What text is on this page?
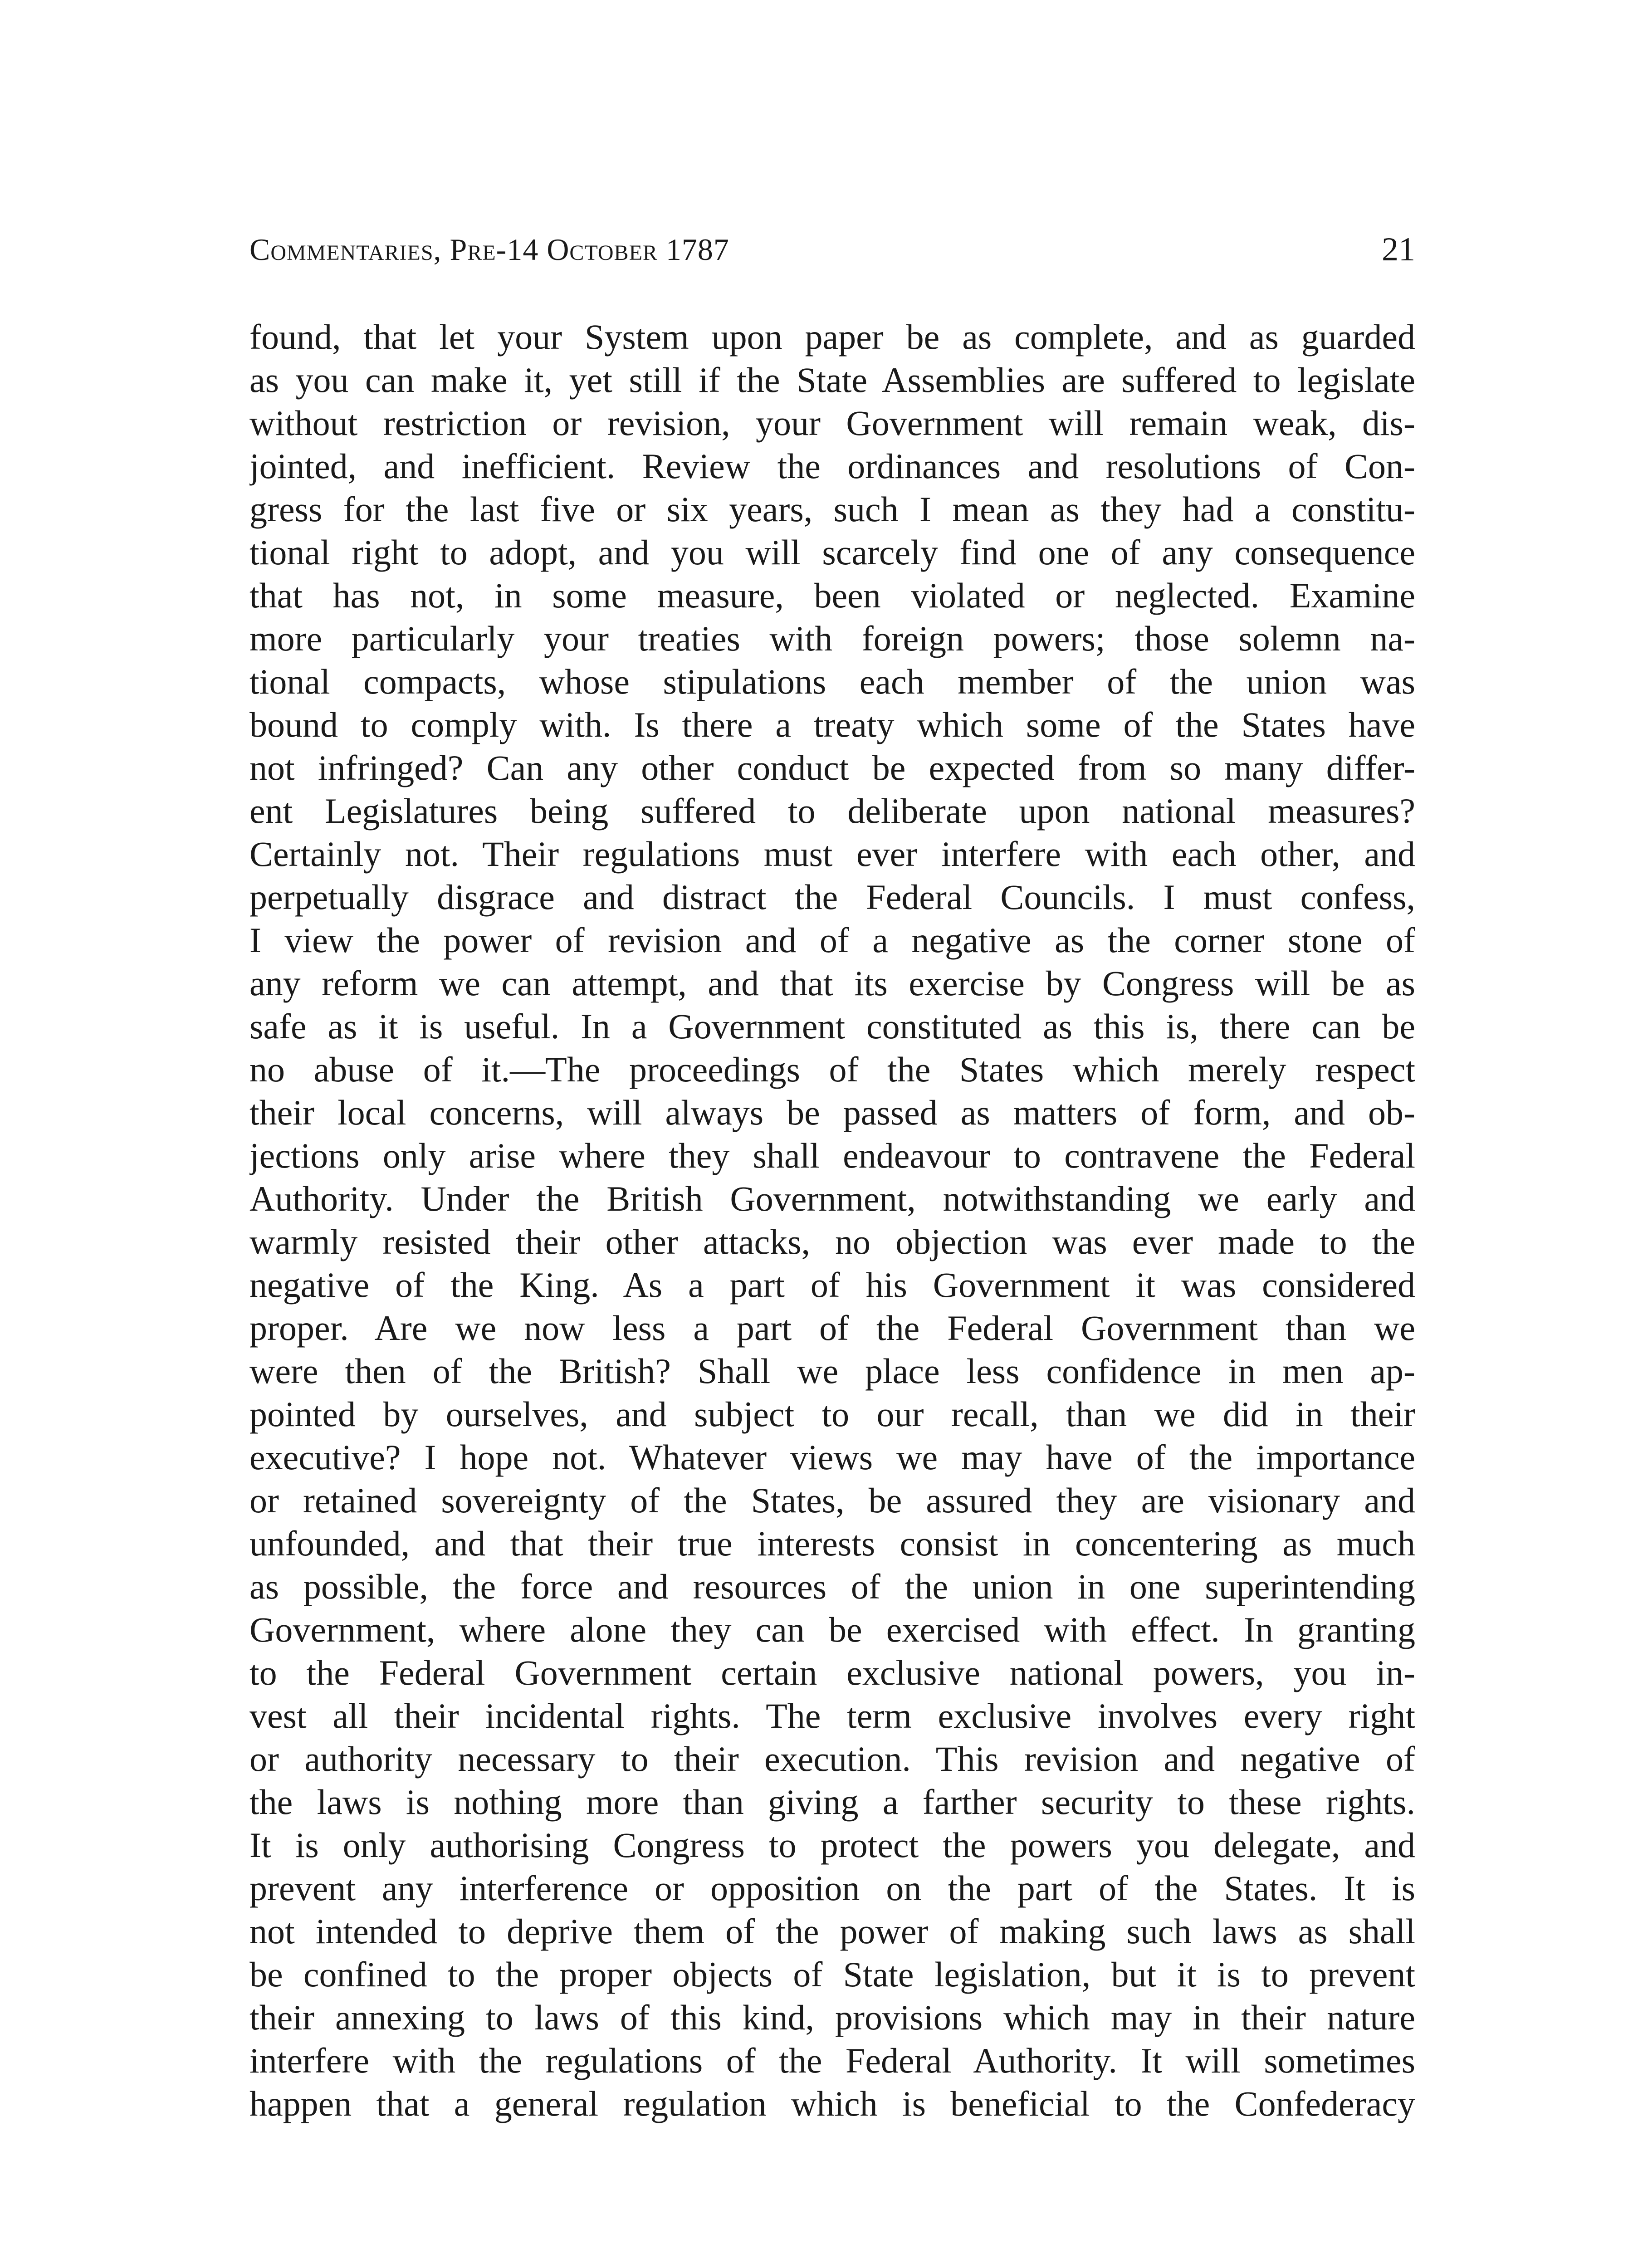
Commentaries, Pre-14 October 1787	21
found, that let your System upon paper be as complete, and as guarded
as you can make it, yet still if the State Assemblies are suffered to legislate
without restriction or revision, your Government will remain weak, dis-
jointed, and inefficient. Review the ordinances and resolutions of Con-
gress for the last five or six years, such I mean as they had a constitu-
tional right to adopt, and you will scarcely find one of any consequence
that has not, in some measure, been violated or neglected. Examine
more particularly your treaties with foreign powers; those solemn na-
tional compacts, whose stipulations each member of the union was
bound to comply with. Is there a treaty which some of the States have
not infringed? Can any other conduct be expected from so many differ-
ent Legislatures being suffered to deliberate upon national measures?
Certainly not. Their regulations must ever interfere with each other, and
perpetually disgrace and distract the Federal Councils. I must confess,
I view the power of revision and of a negative as the corner stone of
any reform we can attempt, and that its exercise by Congress will be as
safe as it is useful. In a Government constituted as this is, there can be
no abuse of it.—The proceedings of the States which merely respect
their local concerns, will always be passed as matters of form, and ob-
jections only arise where they shall endeavour to contravene the Federal
Authority. Under the British Government, notwithstanding we early and
warmly resisted their other attacks, no objection was ever made to the
negative of the King. As a part of his Government it was considered
proper. Are we now less a part of the Federal Government than we
were then of the British? Shall we place less confidence in men ap-
pointed by ourselves, and subject to our recall, than we did in their
executive? I hope not. Whatever views we may have of the importance
or retained sovereignty of the States, be assured they are visionary and
unfounded, and that their true interests consist in concentering as much
as possible, the force and resources of the union in one superintending
Government, where alone they can be exercised with effect. In granting
to the Federal Government certain exclusive national powers, you in-
vest all their incidental rights. The term exclusive involves every right
or authority necessary to their execution. This revision and negative of
the laws is nothing more than giving a farther security to these rights.
It is only authorising Congress to protect the powers you delegate, and
prevent any interference or opposition on the part of the States. It is
not intended to deprive them of the power of making such laws as shall
be confined to the proper objects of State legislation, but it is to prevent
their annexing to laws of this kind, provisions which may in their nature
interfere with the regulations of the Federal Authority. It will sometimes
happen that a general regulation which is beneficial to the Confederacy
